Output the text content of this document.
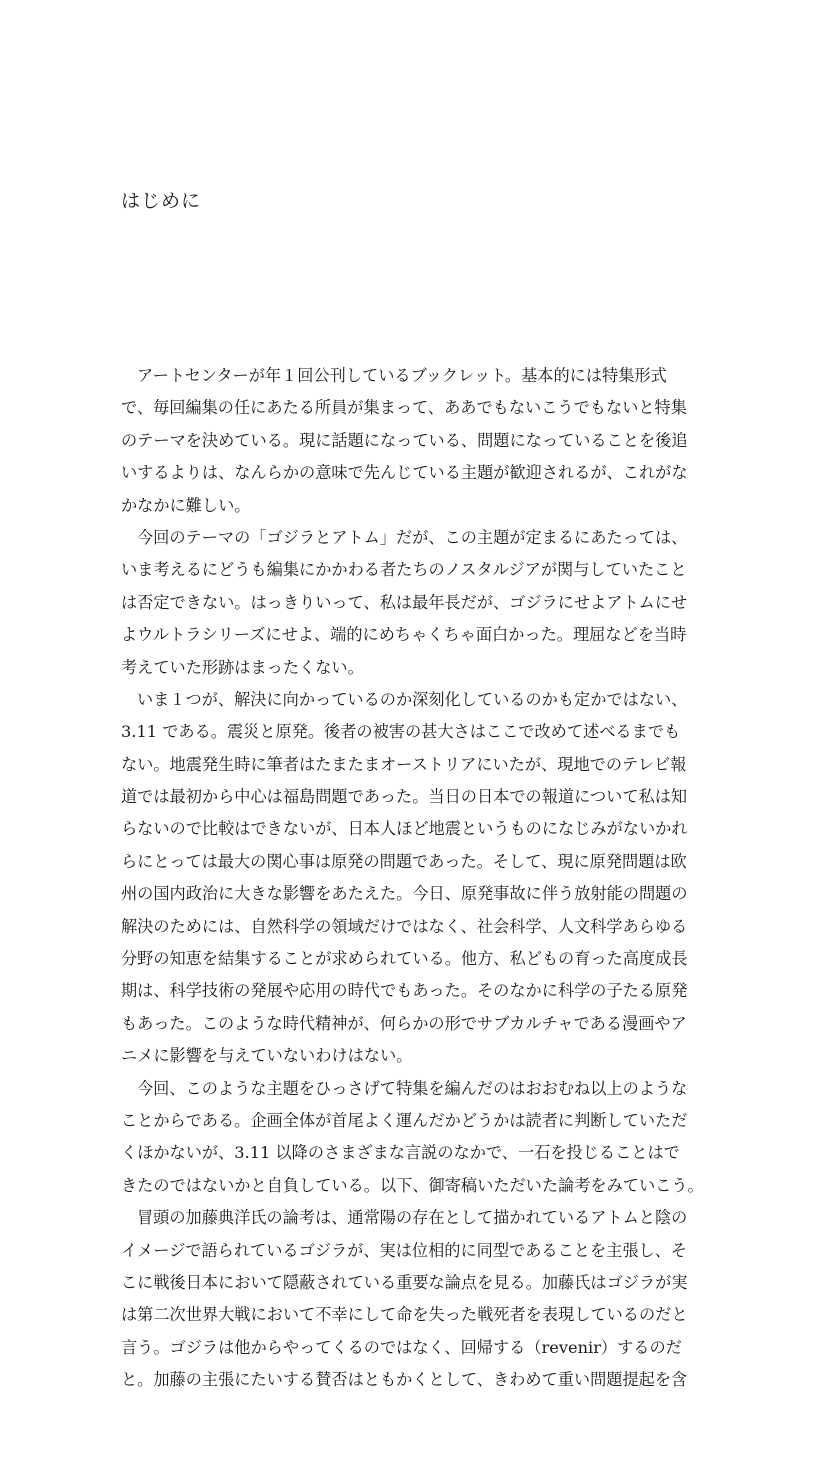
はじめに
アートセンターが年１回公刊しているブックレット。基本的には特集形式
で、毎回編集の任にあたる所員が集まって、ああでもないこうでもないと特集
のテーマを決めている。現に話題になっている、問題になっていることを後追
いするよりは、なんらかの意味で先んじている主題が歓迎されるが、これがな
かなかに難しい。
今回のテーマの「ゴジラとアトム」だが、この主題が定まるにあたっては、
いま考えるにどうも編集にかかわる者たちのノスタルジアが関与していたこと
は否定できない。はっきりいって、私は最年長だが、ゴジラにせよアトムにせ
よウルトラシリーズにせよ、端的にめちゃくちゃ面白かった。理屈などを当時
考えていた形跡はまったくない。
いま１つが、解決に向かっているのか深刻化しているのかも定かではない、
3.11 である。震災と原発。後者の被害の甚大さはここで改めて述べるまでも
ない。地震発生時に筆者はたまたまオーストリアにいたが、現地でのテレビ報
道では最初から中心は福島問題であった。当日の日本での報道について私は知
らないので比較はできないが、日本人ほど地震というものになじみがないかれ
らにとっては最大の関心事は原発の問題であった。そして、現に原発問題は欧
州の国内政治に大きな影響をあたえた。今日、原発事故に伴う放射能の問題の
解決のためには、自然科学の領域だけではなく、社会科学、人文科学あらゆる
分野の知恵を結集することが求められている。他方、私どもの育った高度成長
期は、科学技術の発展や応用の時代でもあった。そのなかに科学の子たる原発
もあった。このような時代精神が、何らかの形でサブカルチャである漫画やア
ニメに影響を与えていないわけはない。
今回、このような主題をひっさげて特集を編んだのはおおむね以上のような
ことからである。企画全体が首尾よく運んだかどうかは読者に判断していただ
くほかないが、3.11 以降のさまざまな言説のなかで、一石を投じることはで
きたのではないかと自負している。以下、御寄稿いただいた論考をみていこう。
冒頭の加藤典洋氏の論考は、通常陽の存在として描かれているアトムと陰の
イメージで語られているゴジラが、実は位相的に同型であることを主張し、そ
こに戦後日本において隠蔽されている重要な論点を見る。加藤氏はゴジラが実
は第二次世界大戦において不幸にして命を失った戦死者を表現しているのだと
言う。ゴジラは他からやってくるのではなく、回帰する（revenir）するのだ
と。加藤の主張にたいする賛否はともかくとして、きわめて重い問題提起を含
